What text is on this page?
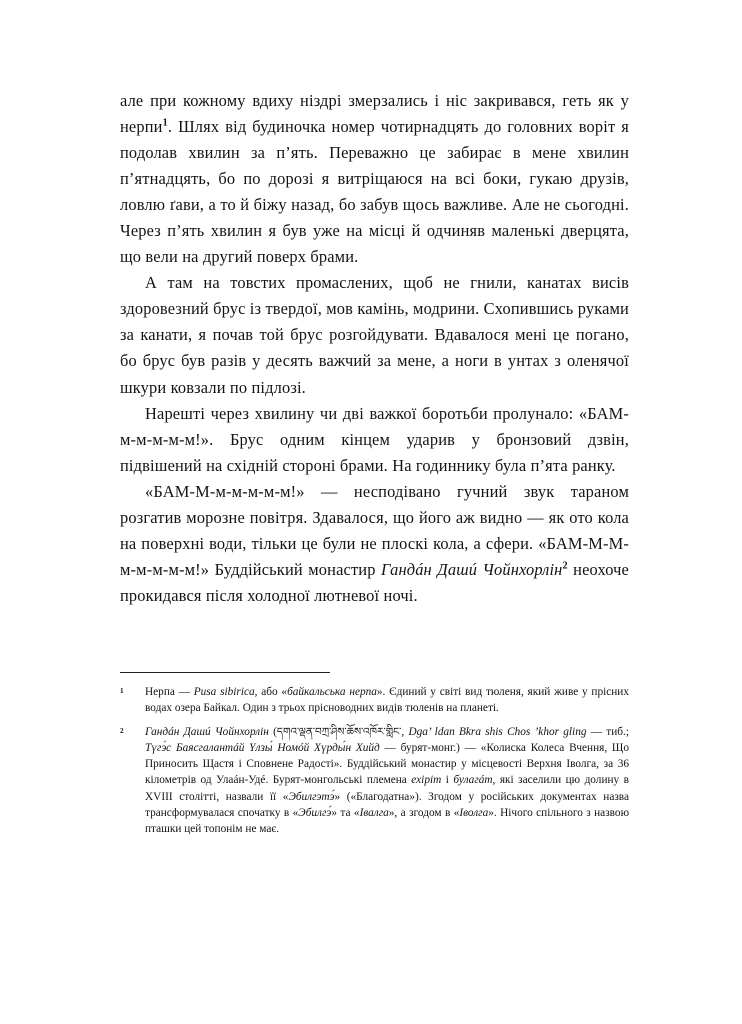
але при кожному вдиху ніздрі змерзались і ніс закривався, геть як у нерпи$^1$. Шлях від будиночка номер чотирнадцять до головних воріт я подолав хвилин за п’ять. Переважно це забирає в мене хвилин п’ятнадцять, бо по дорозі я витріщаюся на всі боки, гукаю друзів, ловлю ґави, а то й біжу назад, бо забув щось важливе. Але не сьогодні. Через п’ять хвилин я був уже на місці й одчиняв маленькі дверцята, що вели на другий поверх брами.

А там на товстих промаслених, щоб не гнили, канатах висів здоровезний брус із твердої, мов камінь, модрини. Схопившись руками за канати, я почав той брус розгойдувати. Вдавалося мені це погано, бо брус був разів у десять важчий за мене, а ноги в унтах з оленячої шкури ковзали по підлозі.

Нарешті через хвилину чи дві важкої боротьби пролунало: «БАМ-м-м-м-м-м!». Брус одним кінцем ударив у бронзовий дзвін, підвішений на східній стороні брами. На годиннику була п’ята ранку.

«БАМ-М-м-м-м-м-м!» — несподівано гучний звук тараном розгатив морозне повітря. Здавалося, що його аж видно — як ото кола на поверхні води, тільки це були не плоскі кола, а сфери. «БАМ-М-М-м-м-м-м-м!» Буддійський монастир Гандáн Дашú Чойнхорлін$^2$ неохоче прокидався після холодної лютневої ночі.

1 Нерпа — Pusa sibirica, або «байкальська нерпа». Єдиний у світі вид тюленя, який живе у прісних водах озера Байкал. Один з трьох прісноводних видів тюленів на планеті.
2 Гандáн Дашú Чойнхорлін (དགའ་ལྡན་བཀྲ་ཤིས་ཆོས་འཁོར་གླིང་, Dga’ ldan Bkra shis Chos ’khor gling — тиб.; Түгэ́с Баясгалантáй Үлзы́ Номóй Хүрды́н Хийд — бурят-монг.) — «Колиска Колеса Вчення, Що Приносить Щастя і Сповнене Радості». Буддійський монастир у місцевості Верхня Іволга, за 36 кілометрів од Улаáн-Удé. Бурят-монгольські племена ехіріт і булагáт, які заселили цю долину в XVIII столітті, назвали її «Эбилгэтэ́» («Благодатна»). Згодом у російських документах назва трансформувалася спочатку в «Эбилгэ́» та «Івалга», а згодом в «Іволга». Нічого спільного з назвою пташки цей топонім не має.
